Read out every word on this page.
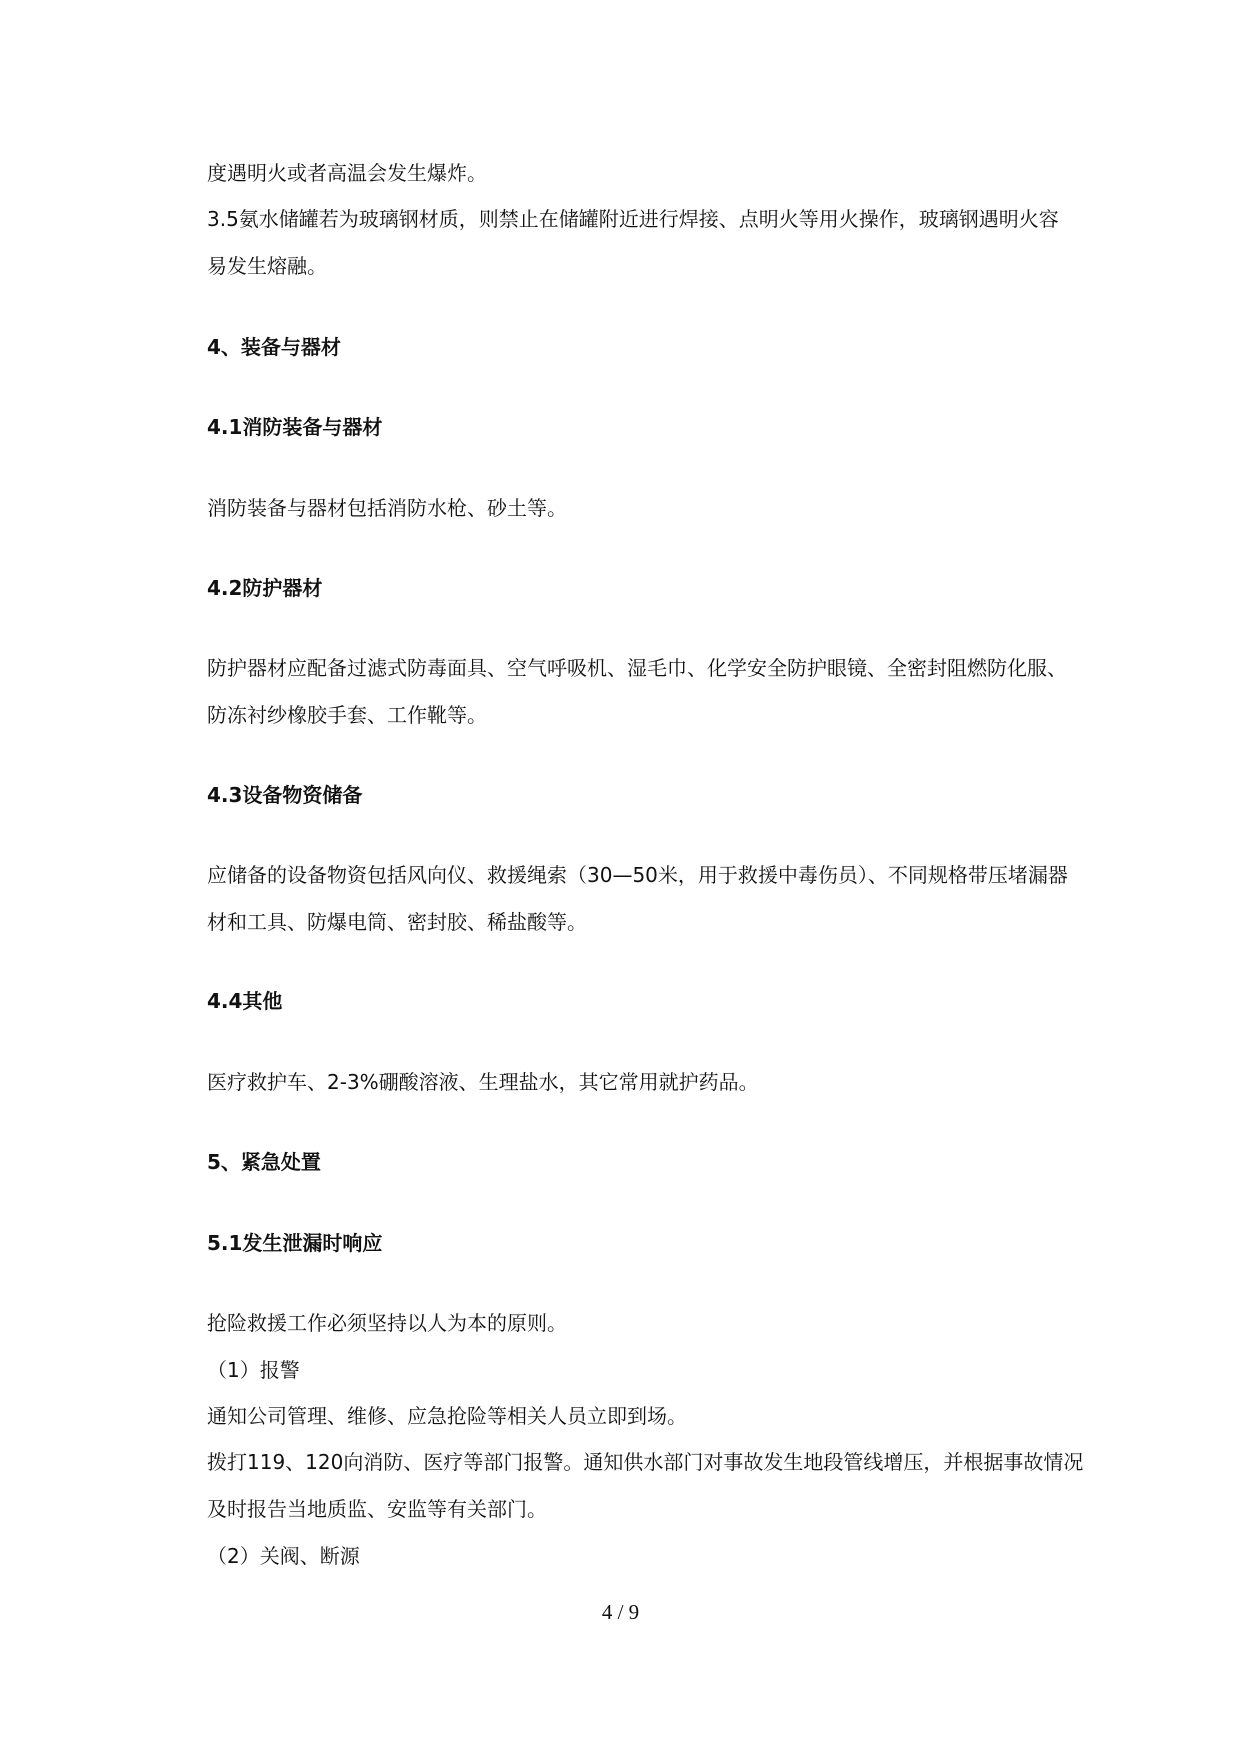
度遇明火或者高温会发生爆炸。
3.5氨水储罐若为玻璃钢材质，则禁止在储罐附近进行焊接、点明火等用火操作，玻璃钢遇明火容
易发生熔融。
4、装备与器材
4.1消防装备与器材
消防装备与器材包括消防水枪、砂土等。
4.2防护器材
防护器材应配备过滤式防毒面具、空气呼吸机、湿毛巾、化学安全防护眼镜、全密封阻燃防化服、
防冻衬纱橡胶手套、工作靴等。
4.3设备物资储备
应储备的设备物资包括风向仪、救援绳索（30—50米，用于救援中毒伤员）、不同规格带压堵漏器
材和工具、防爆电筒、密封胶、稀盐酸等。
4.4其他
医疗救护车、2-3%硼酸溶液、生理盐水，其它常用就护药品。
5、紧急处置
5.1发生泄漏时响应
抢险救援工作必须坚持以人为本的原则。
（1）报警
通知公司管理、维修、应急抢险等相关人员立即到场。
拨打119、120向消防、医疗等部门报警。通知供水部门对事故发生地段管线增压，并根据事故情况
及时报告当地质监、安监等有关部门。
（2）关阀、断源
4 / 9
